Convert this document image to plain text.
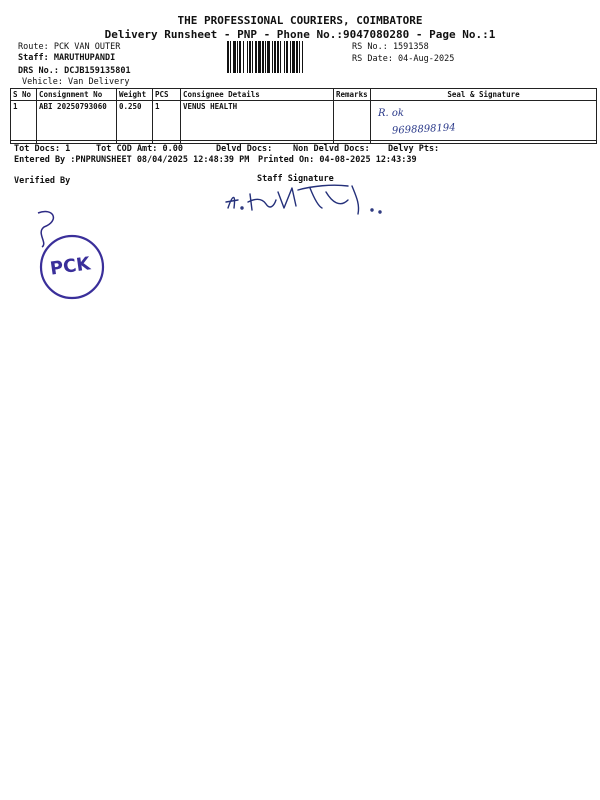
THE PROFESSIONAL COURIERS, COIMBATORE
Delivery Runsheet - PNP - Phone No.:9047080280 - Page No.:1
Route: PCK VAN OUTER
Staff: MARUTHUPANDI
DRS No.: DCJB159135801
Vehicle: Van Delivery
RS No.: 1591358
RS Date: 04-Aug-2025
S No	Consignment No	Weight	PCS	Consignee Details	Remarks	Seal & Signature
1	ABI 20250793060	0.250	1	VENUS HEALTH		
R. ok
9698898194
Tot Docs: 1	Tot COD Amt: 0.00	Delvd Docs: Non Delvd Docs: Delvy Pts:
Entered By :PNPRUNSHEET 08/04/2025 12:48:39 PM Printed On: 04-08-2025 12:43:39
Verified By	Staff Signature
PCK
